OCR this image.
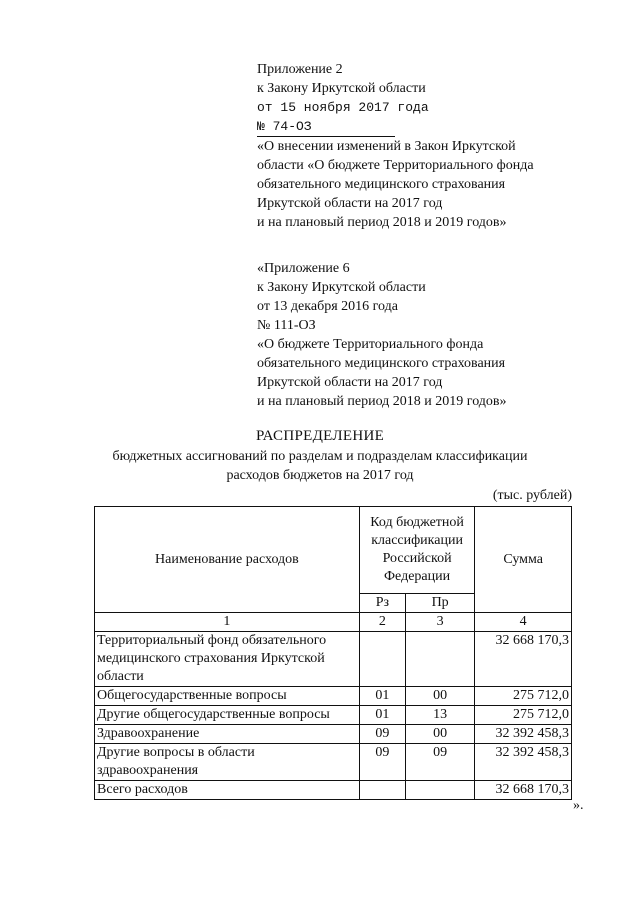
Приложение 2
к Закону Иркутской области
от 15 ноября 2017 года
№ 74-ОЗ
«О внесении изменений в Закон Иркутской
области «О бюджете Территориального фонда
обязательного медицинского страхования
Иркутской области на 2017 год
и на плановый период 2018 и 2019 годов»
«Приложение 6
к Закону Иркутской области
от 13 декабря 2016 года
№ 111-ОЗ
«О бюджете Территориального фонда
обязательного медицинского страхования
Иркутской области на 2017 год
и на плановый период 2018 и 2019 годов»
РАСПРЕДЕЛЕНИЕ
бюджетных ассигнований по разделам и подразделам классификации
расходов бюджетов на 2017 год
(тыс. рублей)
Наименование расходов	Код бюджетной классификации Российской Федерации		Сумма
	Рз	Пр	
1	2	3	4
Территориальный фонд обязательного медицинского страхования Иркутской области			32 668 170,3
Общегосударственные вопросы	01	00	275 712,0
Другие общегосударственные вопросы	01	13	275 712,0
Здравоохранение	09	00	32 392 458,3
Другие вопросы в области здравоохранения	09	09	32 392 458,3
Всего расходов			32 668 170,3
».
